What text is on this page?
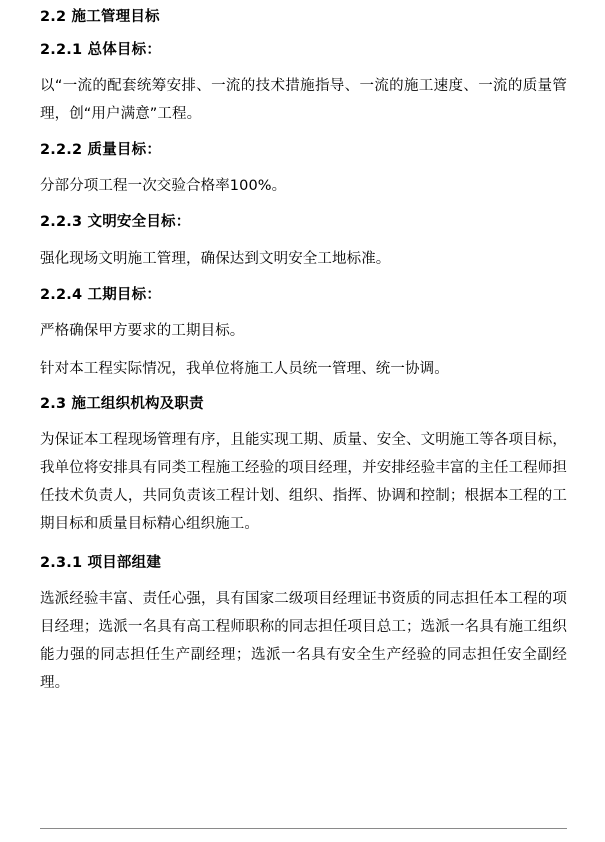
2.2 施工管理目标
2.2.1 总体目标：

以“一流的配套统筹安排、一流的技术措施指导、一流的施工速度、一流的质量管理，创“用户满意”工程。

2.2.2 质量目标：

分部分项工程一次交验合格率100%。

2.2.3 文明安全目标：

强化现场文明施工管理，确保达到文明安全工地标准。

2.2.4 工期目标：

严格确保甲方要求的工期目标。

针对本工程实际情况，我单位将施工人员统一管理、统一协调。

2.3 施工组织机构及职责

为保证本工程现场管理有序，且能实现工期、质量、安全、文明施工等各项目标，我单位将安排具有同类工程施工经验的项目经理，并安排经验丰富的主任工程师担任技术负责人，共同负责该工程计划、组织、指挥、协调和控制；根据本工程的工期目标和质量目标精心组织施工。

2.3.1 项目部组建

选派经验丰富、责任心强，具有国家二级项目经理证书资质的同志担任本工程的项目经理；选派一名具有高工程师职称的同志担任项目总工；选派一名具有施工组织能力强的同志担任生产副经理；选派一名具有安全生产经验的同志担任安全副经理。
